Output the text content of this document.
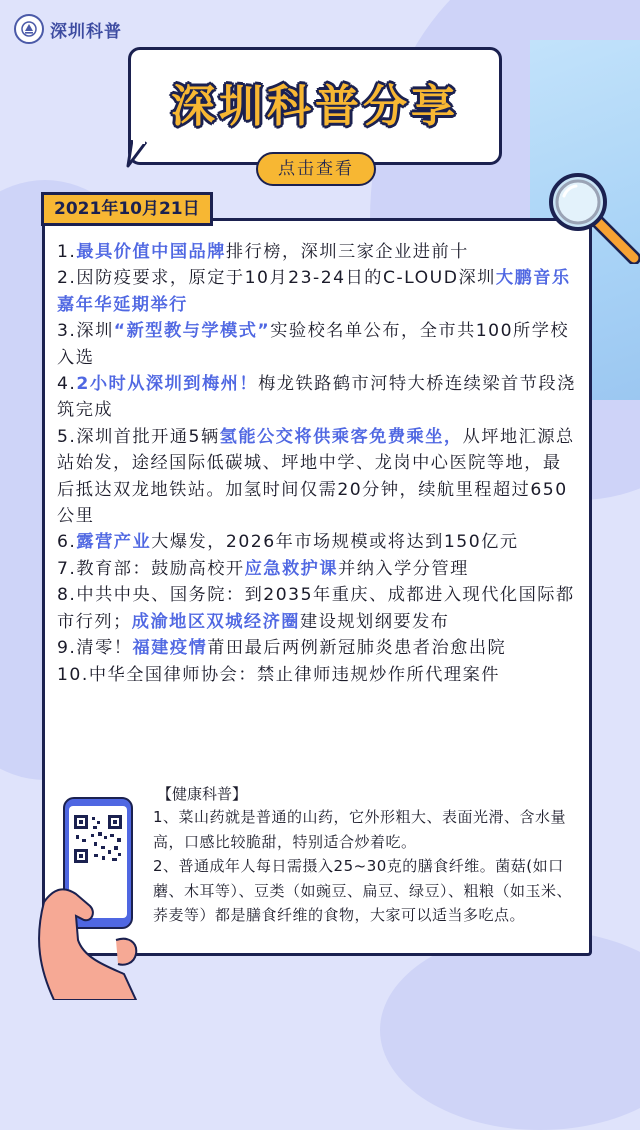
深圳科普
深圳科普分享
点击查看

1.最具价值中国品牌排行榜，深圳三家企业进前十

2.因防疫要求，原定于10月23-24日的C-LOUD深圳大鹏音乐嘉年华延期举行

3.深圳“新型教与学模式”实验校名单公布，全市共100所学校入选

4.2小时从深圳到梅州！梅龙铁路鹤市河特大桥连续梁首节段浇筑完成

5.深圳首批开通5辆氢能公交将供乘客免费乘坐，从坪地汇源总站始发，途经国际低碳城、坪地中学、龙岗中心医院等地，最后抵达双龙地铁站。加氢时间仅需20分钟，续航里程超过650公里

6.露营产业大爆发，2026年市场规模或将达到150亿元

7.教育部：鼓励高校开应急救护课并纳入学分管理

8.中共中央、国务院：到2035年重庆、成都进入现代化国际都市行列；成渝地区双城经济圈建设规划纲要发布

9.清零！福建疫情莆田最后两例新冠肺炎患者治愈出院

10.中华全国律师协会：禁止律师违规炒作所代理案件

【健康科普】

1、菜山药就是普通的山药，它外形粗大、表面光滑、含水量高，口感比较脆甜，特别适合炒着吃。

2、普通成年人每日需摄入25~30克的膳食纤维。菌菇(如口蘑、木耳等）、豆类（如豌豆、扁豆、绿豆）、粗粮（如玉米、荞麦等）都是膳食纤维的食物，大家可以适当多吃点。

2021年10月21日
